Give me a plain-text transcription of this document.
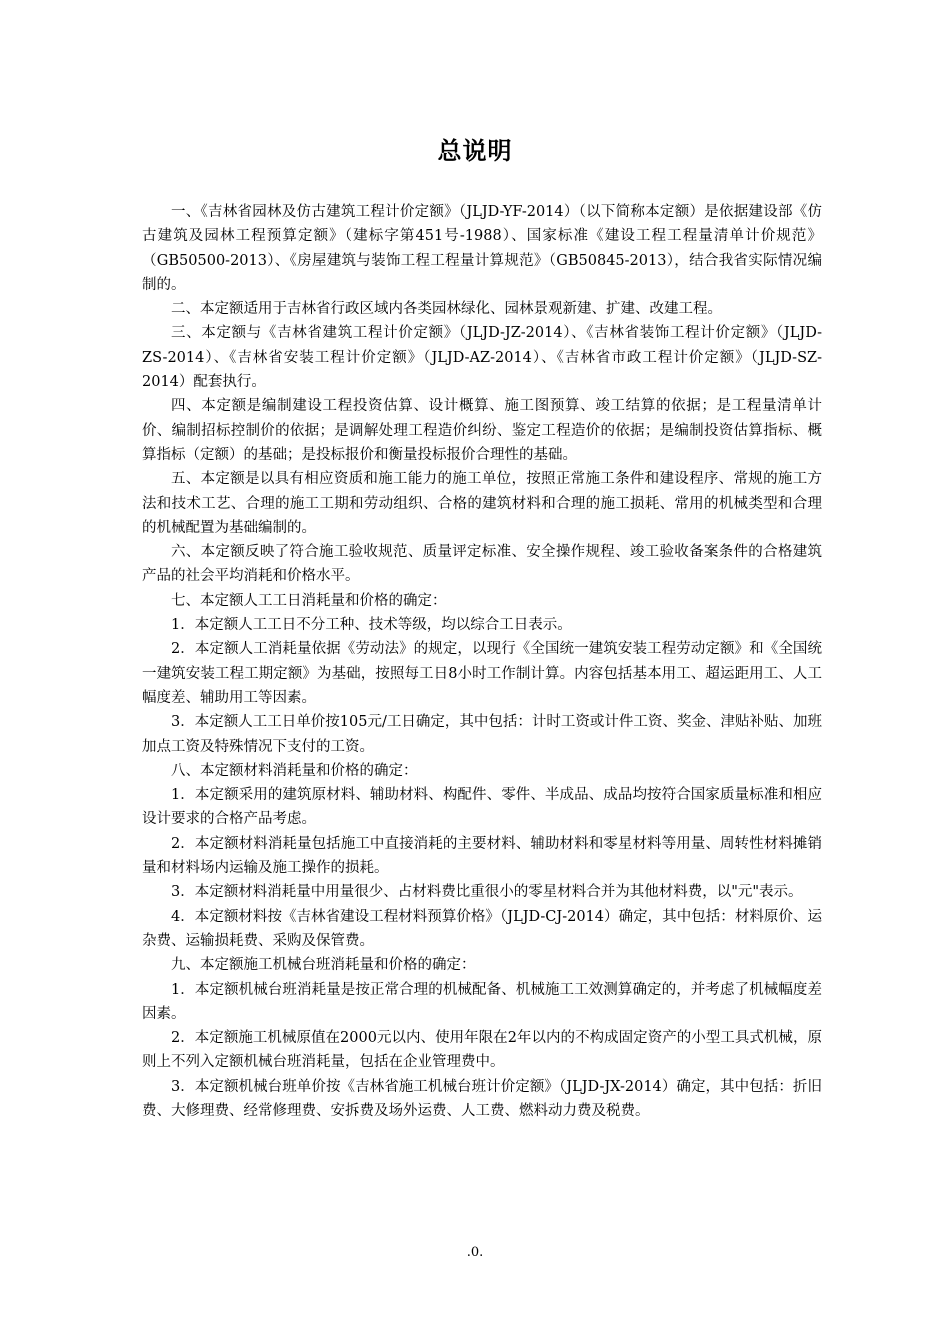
总说明

一、《吉林省园林及仿古建筑工程计价定额》（JLJD-YF-2014）（以下简称本定额）是依据建设部《仿古建筑及园林工程预算定额》（建标字第451号-1988）、国家标准《建设工程工程量清单计价规范》（GB50500-2013）、《房屋建筑与装饰工程工程量计算规范》（GB50845-2013），结合我省实际情况编制的。

二、本定额适用于吉林省行政区域内各类园林绿化、园林景观新建、扩建、改建工程。

三、本定额与《吉林省建筑工程计价定额》（JLJD-JZ-2014）、《吉林省装饰工程计价定额》（JLJD-ZS-2014）、《吉林省安装工程计价定额》（JLJD-AZ-2014）、《吉林省市政工程计价定额》（JLJD-SZ-2014）配套执行。

四、本定额是编制建设工程投资估算、设计概算、施工图预算、竣工结算的依据；是工程量清单计价、编制招标控制价的依据；是调解处理工程造价纠纷、鉴定工程造价的依据；是编制投资估算指标、概算指标（定额）的基础；是投标报价和衡量投标报价合理性的基础。

五、本定额是以具有相应资质和施工能力的施工单位，按照正常施工条件和建设程序、常规的施工方法和技术工艺、合理的施工工期和劳动组织、合格的建筑材料和合理的施工损耗、常用的机械类型和合理的机械配置为基础编制的。

六、本定额反映了符合施工验收规范、质量评定标准、安全操作规程、竣工验收备案条件的合格建筑产品的社会平均消耗和价格水平。

七、本定额人工工日消耗量和价格的确定：

1．本定额人工工日不分工种、技术等级，均以综合工日表示。

2．本定额人工消耗量依据《劳动法》的规定，以现行《全国统一建筑安装工程劳动定额》和《全国统一建筑安装工程工期定额》为基础，按照每工日8小时工作制计算。内容包括基本用工、超运距用工、人工幅度差、辅助用工等因素。

3．本定额人工工日单价按105元/工日确定，其中包括：计时工资或计件工资、奖金、津贴补贴、加班加点工资及特殊情况下支付的工资。

八、本定额材料消耗量和价格的确定：

1．本定额采用的建筑原材料、辅助材料、构配件、零件、半成品、成品均按符合国家质量标准和相应设计要求的合格产品考虑。

2．本定额材料消耗量包括施工中直接消耗的主要材料、辅助材料和零星材料等用量、周转性材料摊销量和材料场内运输及施工操作的损耗。

3．本定额材料消耗量中用量很少、占材料费比重很小的零星材料合并为其他材料费，以"元"表示。

4．本定额材料按《吉林省建设工程材料预算价格》（JLJD-CJ-2014）确定，其中包括：材料原价、运杂费、运输损耗费、采购及保管费。

九、本定额施工机械台班消耗量和价格的确定：

1．本定额机械台班消耗量是按正常合理的机械配备、机械施工工效测算确定的，并考虑了机械幅度差因素。

2．本定额施工机械原值在2000元以内、使用年限在2年以内的不构成固定资产的小型工具式机械，原则上不列入定额机械台班消耗量，包括在企业管理费中。

3．本定额机械台班单价按《吉林省施工机械台班计价定额》（JLJD-JX-2014）确定，其中包括：折旧费、大修理费、经常修理费、安拆费及场外运费、人工费、燃料动力费及税费。

.0.
